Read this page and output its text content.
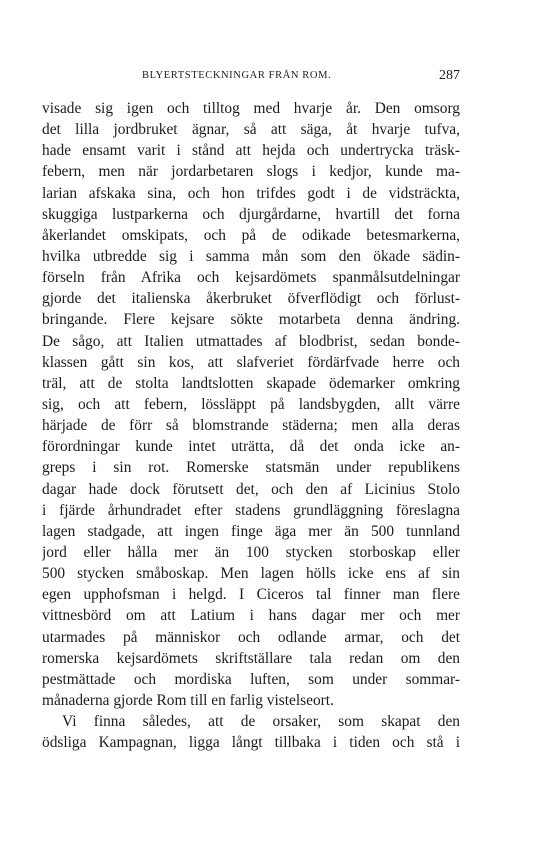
BLYERTSTECKNINGAR FRÅN ROM.	287
visade sig igen och tilltog med hvarje år. Den omsorg
det lilla jordbruket ägnar, så att säga, åt hvarje tufva,
hade ensamt varit i stånd att hejda och undertrycka träsk-
febern, men när jordarbetaren slogs i kedjor, kunde ma-
larian afskaka sina, och hon trifdes godt i de vidsträckta,
skuggiga lustparkerna och djurgårdarne, hvartill det forna
åkerlandet omskipats, och på de odikade betesmarkerna,
hvilka utbredde sig i samma mån som den ökade sädin-
förseln från Afrika och kejsardömets spanmålsutdelningar
gjorde det italienska åkerbruket öfverflödigt och förlust-
bringande. Flere kejsare sökte motarbeta denna ändring.
De sågo, att Italien utmattades af blodbrist, sedan bonde-
klassen gått sin kos, att slafveriet fördärfvade herre och
träl, att de stolta landtslotten skapade ödemarker omkring
sig, och att febern, lössläppt på landsbygden, allt värre
härjade de förr så blomstrande städerna; men alla deras
förordningar kunde intet uträtta, då det onda icke an-
greps i sin rot. Romerske statsmän under republikens
dagar hade dock förutsett det, och den af Licinius Stolo
i fjärde århundradet efter stadens grundläggning föreslagna
lagen stadgade, att ingen finge äga mer än 500 tunnland
jord eller hålla mer än 100 stycken storboskap eller
500 stycken småboskap. Men lagen hölls icke ens af sin
egen upphofsman i helgd. I Ciceros tal finner man flere
vittnesbörd om att Latium i hans dagar mer och mer
utarmades på människor och odlande armar, och det
romerska kejsardömets skriftställare tala redan om den
pestmättade och mordiska luften, som under sommar-
månaderna gjorde Rom till en farlig vistelseort.
Vi finna således, att de orsaker, som skapat den
ödsliga Kampagnan, ligga långt tillbaka i tiden och stå i
